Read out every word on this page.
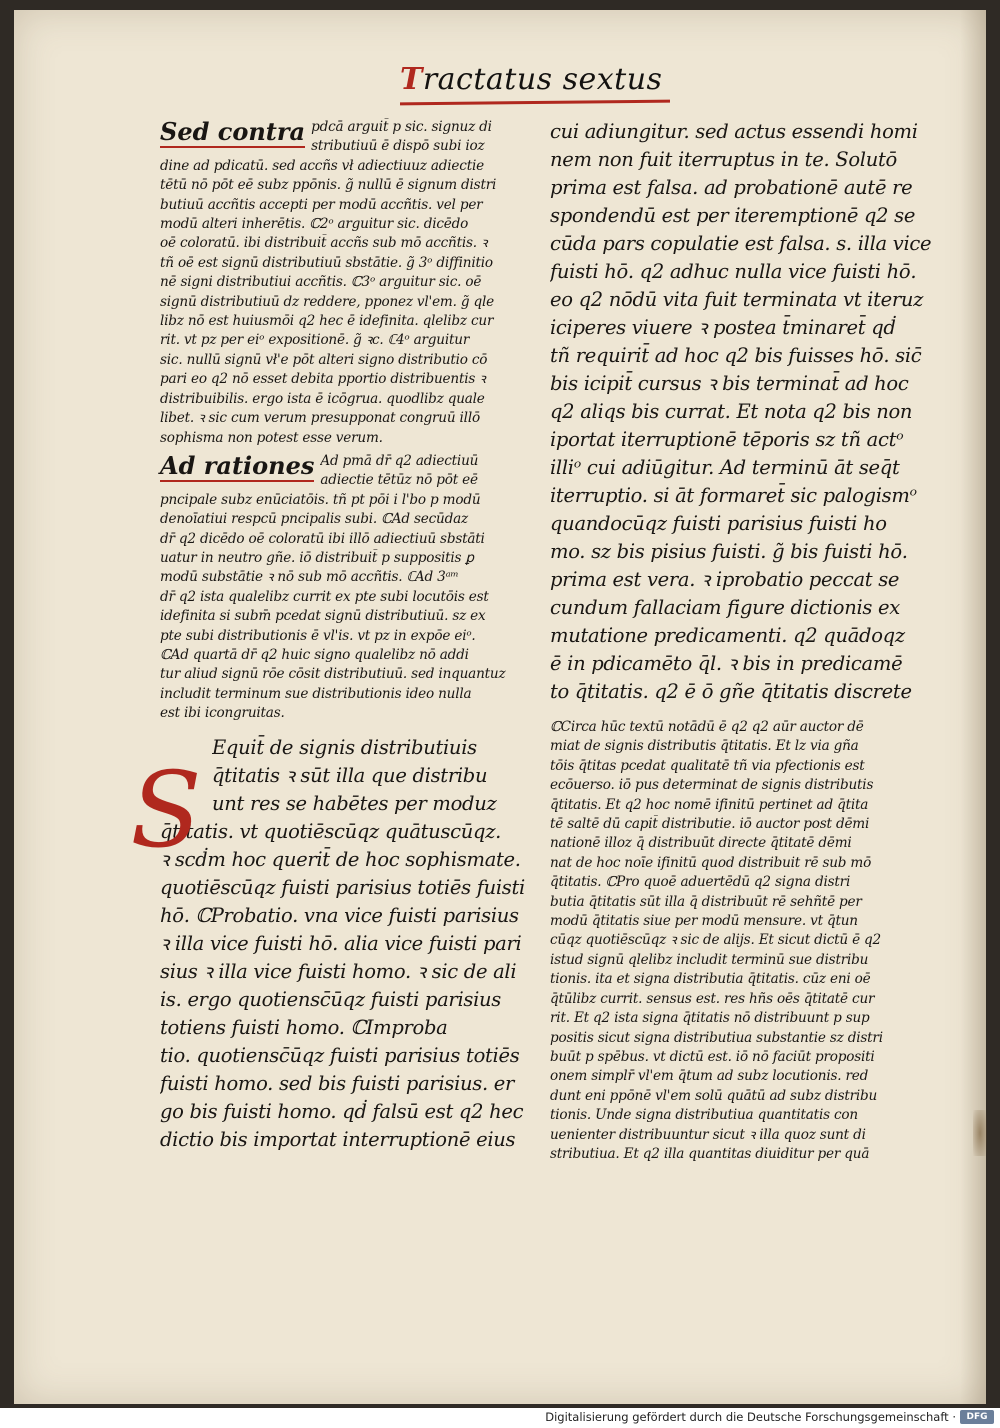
Tractatus sextus
Sed contra pdcā arguit̄ p sic. signuz di
stributiuū ē dispō subi ioz
dine ad pdicatū. sed accñs vł adiectiuuz adiectie
tētū nō pōt eē subz ppōnis. g̃ nullū ē signum distri
butiuū accñtis accepti per modū accñtis. vel per
modū alteri inherētis. ℂ2ᵒ arguitur sic. dicēdo
oē coloratū. ibi distribuit̄ accñs sub mō accñtis. ꝛ
tñ oē est signū distributiuū sbstātie. g̃ 3ᵒ diffinitio
nē signi distributiui accñtis. ℂ3ᵒ arguitur sic. oē
signū distributiuū dz reddere, pponez vl'em. g̃ qle
libz nō est huiusmōi q2 hec ē idefinita. qlelibz cur
rit. vt pz per eiᵒ expositionē. g̃ ꝛc. ℂ4ᵒ arguitur
sic. nullū signū vł'e pōt alteri signo distributio cō
pari eo q2 nō esset debita pportio distribuentis ꝛ
distribuibilis. ergo ista ē icōgrua. quodlibz quale
libet. ꝛ sic cum verum presupponat congruū illō
sophisma non potest esse verum.
Ad rationes Ad pmā dr̄ q2 adiectiuū
adiectie tētūz nō pōt eē
pncipale subz enūciatōis. tñ pt pōi i l'bo p modū
denoīatiui respcū pncipalis subi. ℂAd secūdaz
dr̄ q2 dicēdo oē coloratū ibi illō adiectiuū sbstāti
uatur in neutro gñe. iō distribuit̄ p suppositis ꝑ
modū substātie ꝛ nō sub mō accñtis. ℂAd 3ᵃᵐ
dr̄ q2 ista qualelibz currit ex pte subi locutōis est
idefinita si subm̄ pcedat signū distributiuū. sz ex
pte subi distributionis ē vl'is. vt pz in expōe eiᵒ.
ℂAd quartā dr̄ q2 huic signo qualelibz nō addi
tur aliud signū rōe cōsit distributiuū. sed inquantuz
includit terminum sue distributionis ideo nulla
est ibi icongruitas.
Equit̄ de signis distributiuis
q̄titatis ꝛ sūt illa que distribu
unt res se habētes per moduz
q̄titatis. vt quotiēscūqz quātuscūqz.
ꝛ scḋm hoc querit̄ de hoc sophismate.
quotiēscūqz fuisti parisius totiēs fuisti
hō. ℂProbatio. vna vice fuisti parisius
ꝛ illa vice fuisti hō. alia vice fuisti pari
sius ꝛ illa vice fuisti homo. ꝛ sic de ali
is. ergo quotiensc̄ūqz fuisti parisius
totiens fuisti homo. ℂImproba
tio. quotiensc̄ūqz fuisti parisius totiēs
fuisti homo. sed bis fuisti parisius. er
go bis fuisti homo. qḋ falsū est q2 hec
dictio bis importat interruptionē eius
S
cui adiungitur. sed actus essendi homi
nem non fuit iterruptus in te. Solutō
prima est falsa. ad probationē autē re
spondendū est per iteremptionē q2 se
cūda pars copulatie est falsa. s. illa vice
fuisti hō. q2 adhuc nulla vice fuisti hō.
eo q2 nōdū vita fuit terminata vt iteruz
iciperes viuere ꝛ postea t̄minaret̄ qḋ
tñ requirit̄ ad hoc q2 bis fuisses hō. sic̄
bis icipit̄ cursus ꝛ bis terminat̄ ad hoc
q2 aliqs bis currat. Et nota q2 bis non
iportat iterruptionē tēporis sz tñ actᵒ
illiᵒ cui adiūgitur. Ad terminū āt seq̄t
iterruptio. si āt formaret̄ sic palogismᵒ
quandocūqz fuisti parisius fuisti ho
mo. sz bis pisius fuisti. g̃ bis fuisti hō.
prima est vera. ꝛ iprobatio peccat se
cundum fallaciam figure dictionis ex
mutatione predicamenti. q2 quādoqz
ē in pdicamēto q̄l. ꝛ bis in predicamē
to q̄titatis. q2 ē ō gñe q̄titatis discrete
ℂCirca hūc textū notādū ē q2 q2 aūr auctor dē
miat de signis distributis q̄titatis. Et lz via gña
tōis q̄titas pcedat qualitatē tñ via pfectionis est
ecōuerso. iō pus determinat de signis distributis
q̄titatis. Et q2 hoc nomē ifinitū pertinet ad q̄tita
tē saltē dū capit̄ distributie. iō auctor post dēmi
nationē illoz q̄ distribuūt directe q̄titatē dēmi
nat de hoc noīe ifinitū quod distribuit rē sub mō
q̄titatis. ℂPro quoē aduertēdū q2 signa distri
butia q̄titatis sūt illa q̄ distribuūt rē sehñtē per
modū q̄titatis siue per modū mensure. vt q̄tun
cūqz quotiēscūqz ꝛ sic de alijs. Et sicut dictū ē q2
istud signū qlelibz includit terminū sue distribu
tionis. ita et signa distributia q̄titatis. cūz eni oē
q̄tūlibz currit. sensus est. res hñs oēs q̄titatē cur
rit. Et q2 ista signa q̄titatis nō distribuunt p sup
positis sicut signa distributiua substantie sz distri
buūt p spēbus. vt dictū est. iō nō faciūt propositi
onem simplr̄ vl'em q̄tum ad subz locutionis. red
dunt eni ppōnē vl'em solū quātū ad subz distribu
tionis. Unde signa distributiua quantitatis con
uenienter distribuuntur sicut ꝛ illa quoz sunt di
stributiua. Et q2 illa quantitas diuiditur per quā
Digitalisierung gefördert durch die Deutsche Forschungsgemeinschaft ·	DFG
